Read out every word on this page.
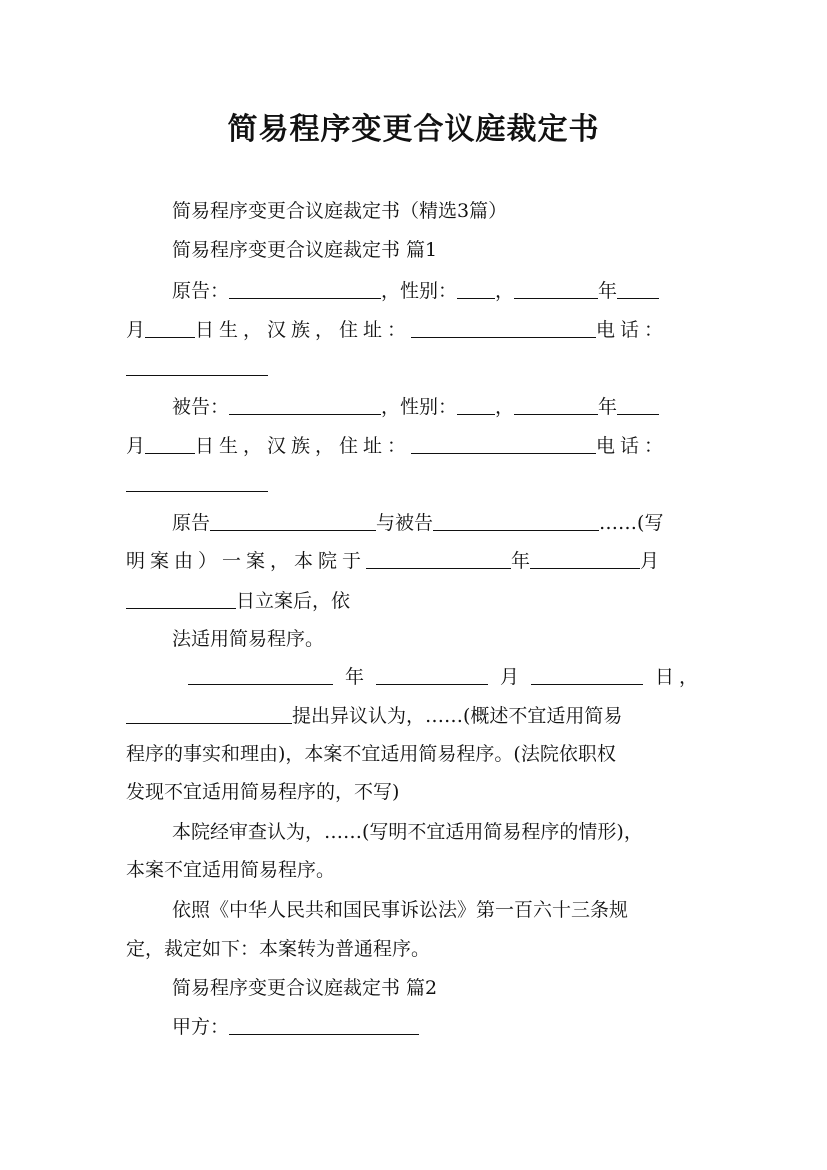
简易程序变更合议庭裁定书
简易程序变更合议庭裁定书（精选3篇）
简易程序变更合议庭裁定书 篇1
原告：	，性别： ，	年
月	日生，汉族，住址：	电话：
被告：	，性别： ，	年
月	日生，汉族，住址：	电话：
原告	与被告	……(写
明案由）一案，本院于	年	月
日立案后，依
法适用简易程序。
年	月	日，
提出异议认为，……(概述不宜适用简易
程序的事实和理由)，本案不宜适用简易程序。(法院依职权
发现不宜适用简易程序的，不写)
本院经审查认为，……(写明不宜适用简易程序的情形)，
本案不宜适用简易程序。
依照《中华人民共和国民事诉讼法》第一百六十三条规
定，裁定如下：本案转为普通程序。
简易程序变更合议庭裁定书 篇2
甲方：
